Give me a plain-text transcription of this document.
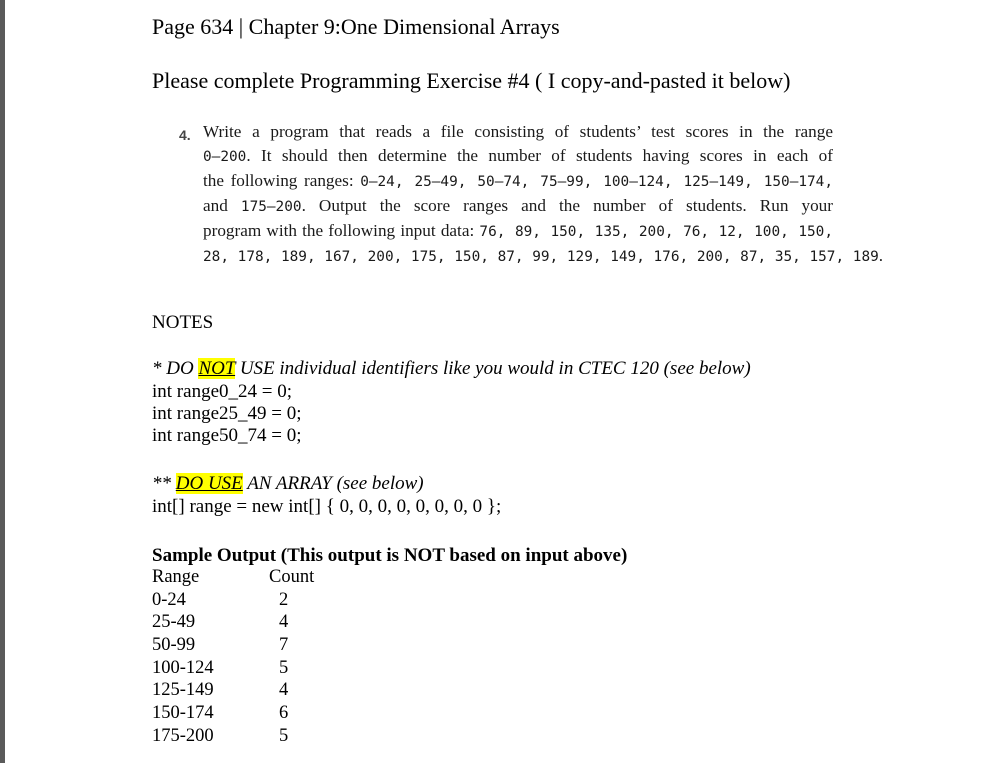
Page 634 | Chapter 9:One Dimensional Arrays
Please complete Programming Exercise #4 ( I copy-and-pasted it below)
4. Write a program that reads a file consisting of students’ test scores in the range
0–200. It should then determine the number of students having scores in each of
the following ranges: 0–24, 25–49, 50–74, 75–99, 100–124, 125–149, 150–174,
and 175–200. Output the score ranges and the number of students. Run your
program with the following input data: 76, 89, 150, 135, 200, 76, 12, 100, 150,
28, 178, 189, 167, 200, 175, 150, 87, 99, 129, 149, 176, 200, 87, 35, 157, 189.
NOTES
* DO NOT USE individual identifiers like you would in CTEC 120 (see below)
int range0_24 = 0;
int range25_49 = 0;
int range50_74 = 0;
** DO USE AN ARRAY (see below)
int[] range = new int[] { 0, 0, 0, 0, 0, 0, 0, 0 };
Sample Output (This output is NOT based on input above)
Range	Count
0-24	2
25-49	4
50-99	7
100-124	5
125-149	4
150-174	6
175-200	5
